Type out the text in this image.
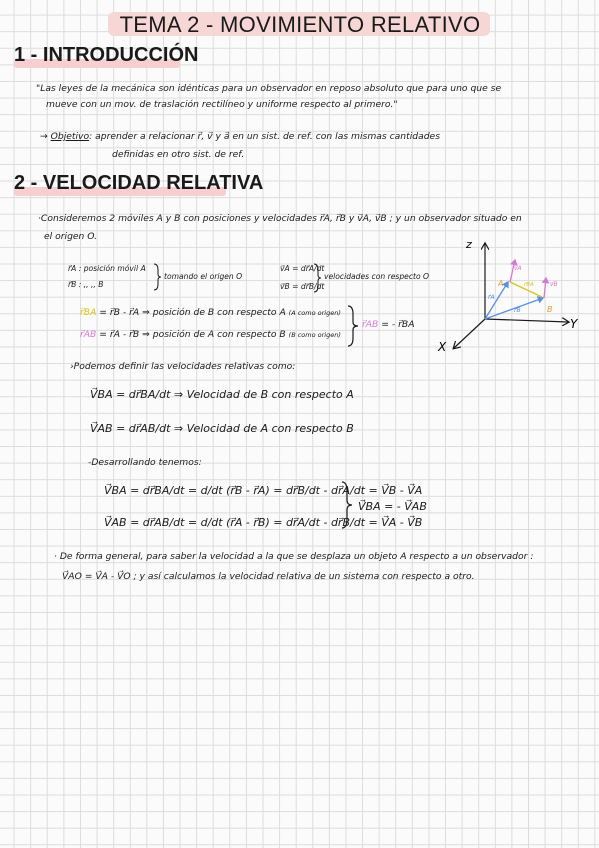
TEMA 2 - MOVIMIENTO RELATIVO
1 - INTRODUCCIÓN
"Las leyes de la mecánica son idénticas para un observador en reposo absoluto que para uno que se
mueve con un mov. de traslación rectilíneo y uniforme respecto al primero."
→ Objetivo: aprender a relacionar r⃗, v⃗ y a⃗ en un sist. de ref. con las mismas cantidades
definidas en otro sist. de ref.
2 - VELOCIDAD RELATIVA
·Consideremos 2 móviles A y B con posiciones y velocidades r⃗A, r⃗B y v⃗A, v⃗B ; y un observador situado en
el origen O.
r⃗A : posición móvil A
r⃗B : ,, ,, B
tomando el origen O
v⃗A = dr⃗A/dt
v⃗B = dr⃗B/dt
velocidades con respecto O
r⃗BA = r⃗B - r⃗A ⇒ posición de B con respecto A (A como origen)
r⃗AB = r⃗A - r⃗B ⇒ posición de A con respecto B (B como origen)
r⃗AB = - r⃗BA
›Podemos definir las velocidades relativas como:
V⃗BA = dr⃗BA/dt ⇒ Velocidad de B con respecto A
V⃗AB = dr⃗AB/dt ⇒ Velocidad de A con respecto B
-Desarrollando tenemos:
V⃗BA = dr⃗BA/dt = d/dt (r⃗B - r⃗A) = dr⃗B/dt - dr⃗A/dt = V⃗B - V⃗A
V⃗AB = dr⃗AB/dt = d/dt (r⃗A - r⃗B) = dr⃗A/dt - dr⃗B/dt = V⃗A - V⃗B
V⃗BA = - V⃗AB
· De forma general, para saber la velocidad a la que se desplaza un objeto A respecto a un observador :
V⃗AO = V⃗A - V⃗O ; y así calculamos la velocidad relativa de un sistema con respecto a otro.
z
Y
X
A
B
r⃗A
r⃗B
v⃗A
v⃗B
r⃗BA
